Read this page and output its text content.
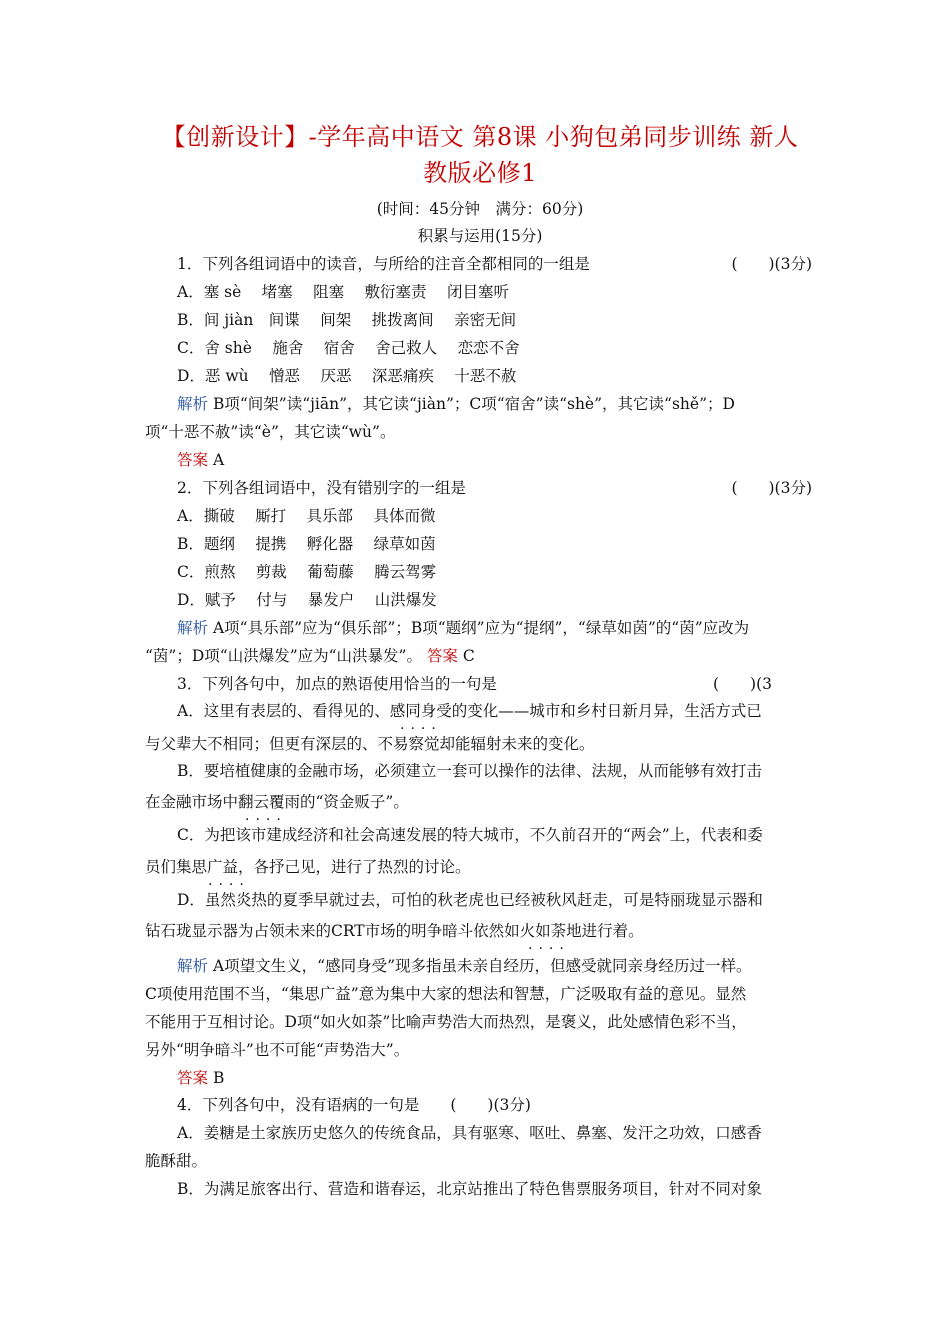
【创新设计】-学年高中语文 第8课 小狗包弟同步训练 新人
教版必修1
(时间：45分钟　满分：60分)
积累与运用(15分)
1．下列各组词语中的读音，与所给的注音全都相同的一组是	(　　)(3分)
A．塞 sè　 堵塞　 阻塞　 敷衍塞责　 闭目塞听
B．间 jiàn　间谍　 间架　 挑拨离间　 亲密无间
C．舍 shè　 施舍　 宿舍　 舍己救人　 恋恋不舍
D．恶 wù　 憎恶　 厌恶　 深恶痛疾　 十恶不赦
解析 B项“间架”读“jiān”，其它读“jiàn”；C项“宿舍”读“shè”，其它读“shě”；D
项“十恶不赦”读“è”，其它读“wù”。
答案 A
2．下列各组词语中，没有错别字的一组是	(　　)(3分)
A．撕破　 厮打　 具乐部　 具体而微
B．题纲　 提携　 孵化器　 绿草如茵
C．煎熬　 剪裁　 葡萄藤　 腾云驾雾
D．赋予　 付与　 暴发户　 山洪爆发
解析 A项“具乐部”应为“俱乐部”；B项“题纲”应为“提纲”，“绿草如茵”的“茵”应改为
“茵”；D项“山洪爆发”应为“山洪暴发”。 答案 C
3．下列各句中，加点的熟语使用恰当的一句是	(　　)(3
A．这里有表层的、看得见的、感同身受的变化——城市和乡村日新月异，生活方式已
....
与父辈大不相同；但更有深层的、不易察觉却能辐射未来的变化。
B．要培植健康的金融市场，必须建立一套可以操作的法律、法规，从而能够有效打击
在金融市场中翻云覆雨的“资金贩子”。
....
C．为把该市建成经济和社会高速发展的特大城市，不久前召开的“两会”上，代表和委
员们集思广益，各抒己见，进行了热烈的讨论。
....
D．虽然炎热的夏季早就过去，可怕的秋老虎也已经被秋风赶走，可是特丽珑显示器和
钻石珑显示器为占领未来的CRT市场的明争暗斗依然如火如荼地进行着。
....
解析 A项望文生义，“感同身受”现多指虽未亲自经历，但感受就同亲身经历过一样。
C项使用范围不当，“集思广益”意为集中大家的想法和智慧，广泛吸取有益的意见。显然
不能用于互相讨论。D项“如火如荼”比喻声势浩大而热烈，是褒义，此处感情色彩不当，
另外“明争暗斗”也不可能“声势浩大”。
答案 B
4．下列各句中，没有语病的一句是　　(　　)(3分)
A．姜糖是土家族历史悠久的传统食品，具有驱寒、呕吐、鼻塞、发汗之功效，口感香
脆酥甜。
B．为满足旅客出行、营造和谐春运，北京站推出了特色售票服务项目，针对不同对象
